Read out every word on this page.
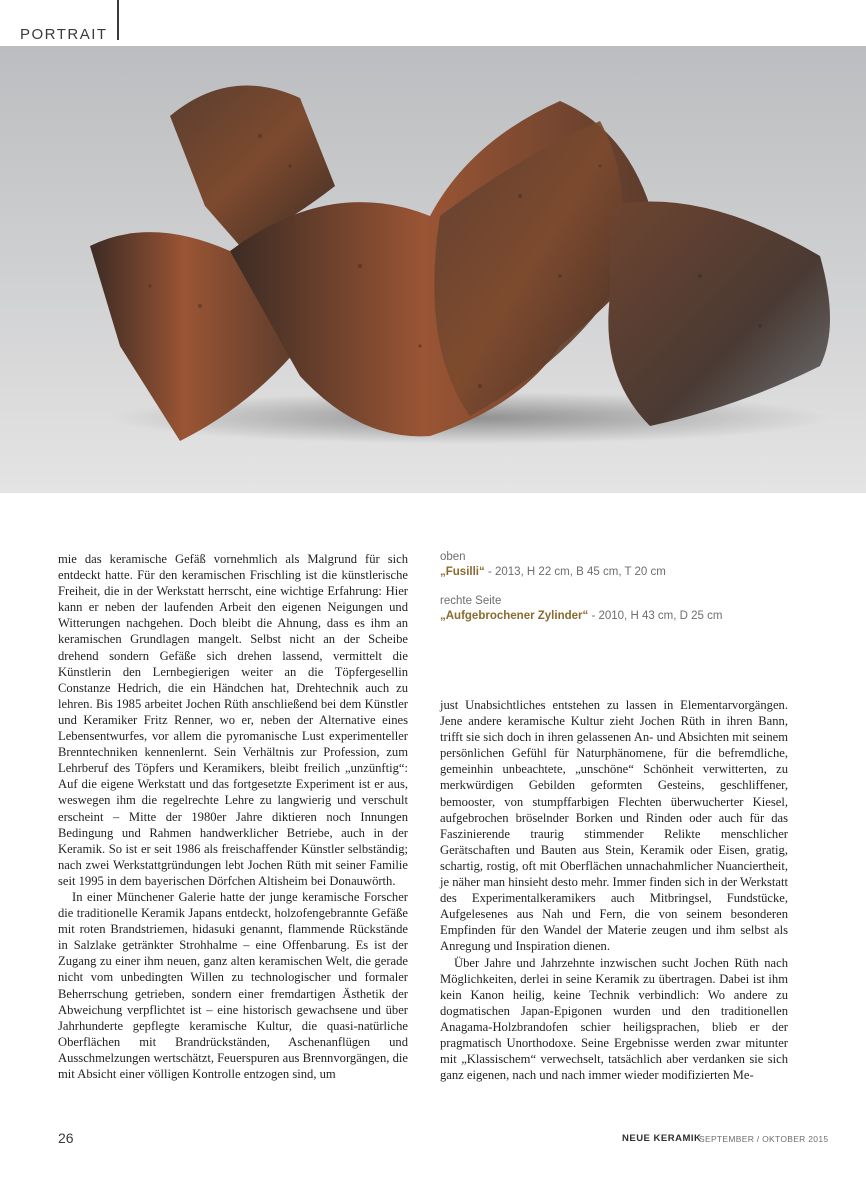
PORTRAIT
oben
„Fusilli“ - 2013, H 22 cm, B 45 cm, T 20 cm
rechte Seite
„Aufgebrochener Zylinder“ - 2010, H 43 cm, D 25 cm

mie das keramische Gefäß vornehmlich als Malgrund für sich entdeckt hatte. Für den keramischen Frischling ist die künstlerische Freiheit, die in der Werkstatt herrscht, eine wichtige Erfahrung: Hier kann er neben der laufenden Arbeit den eigenen Neigungen und Witterungen nachgehen. Doch bleibt die Ahnung, dass es ihm an keramischen Grundlagen mangelt. Selbst nicht an der Scheibe drehend sondern Gefäße sich drehen lassend, vermittelt die Künstlerin den Lernbegierigen weiter an die Töpfergesellin Constanze Hedrich, die ein Händchen hat, Drehtechnik auch zu lehren. Bis 1985 arbeitet Jochen Rüth anschließend bei dem Künstler und Keramiker Fritz Renner, wo er, neben der Alternative eines Lebensentwurfes, vor allem die pyromanische Lust experimenteller Brenntechniken kennenlernt. Sein Verhältnis zur Profession, zum Lehrberuf des Töpfers und Keramikers, bleibt freilich „unzünftig“: Auf die eigene Werkstatt und das fortgesetzte Experiment ist er aus, weswegen ihm die regelrechte Lehre zu langwierig und verschult erscheint – Mitte der 1980er Jahre diktieren noch Innungen Bedingung und Rahmen handwerklicher Betriebe, auch in der Keramik. So ist er seit 1986 als freischaffender Künstler selbständig; nach zwei Werkstattgründungen lebt Jochen Rüth mit seiner Familie seit 1995 in dem bayerischen Dörfchen Altisheim bei Donauwörth.

In einer Münchener Galerie hatte der junge keramische Forscher die traditionelle Keramik Japans entdeckt, holzofengebrannte Gefäße mit roten Brandstriemen, hidasuki genannt, flammende Rückstände in Salzlake getränkter Strohhalme – eine Offenbarung. Es ist der Zugang zu einer ihm neuen, ganz alten keramischen Welt, die gerade nicht vom unbedingten Willen zu technologischer und formaler Beherrschung getrieben, sondern einer fremdartigen Ästhetik der Abweichung verpflichtet ist – eine historisch gewachsene und über Jahrhunderte gepflegte keramische Kultur, die quasi-natürliche Oberflächen mit Brandrückständen, Aschenanflügen und Ausschmelzungen wertschätzt, Feuerspuren aus Brennvorgängen, die mit Absicht einer völligen Kontrolle entzogen sind, um

just Unabsichtliches entstehen zu lassen in Elementarvorgängen. Jene andere keramische Kultur zieht Jochen Rüth in ihren Bann, trifft sie sich doch in ihren gelassenen An- und Absichten mit seinem persönlichen Gefühl für Naturphänomene, für die befremdliche, gemeinhin unbeachtete, „unschöne“ Schönheit verwitterten, zu merkwürdigen Gebilden geformten Gesteins, geschliffener, bemooster, von stumpffarbigen Flechten überwucherter Kiesel, aufgebrochen bröselnder Borken und Rinden oder auch für das Faszinierende traurig stimmender Relikte menschlicher Gerätschaften und Bauten aus Stein, Keramik oder Eisen, gratig, schartig, rostig, oft mit Oberflächen unnachahmlicher Nuanciertheit, je näher man hinsieht desto mehr. Immer finden sich in der Werkstatt des Experimentalkeramikers auch Mitbringsel, Fundstücke, Aufgelesenes aus Nah und Fern, die von seinem besonderen Empfinden für den Wandel der Materie zeugen und ihm selbst als Anregung und Inspiration dienen.

Über Jahre und Jahrzehnte inzwischen sucht Jochen Rüth nach Möglichkeiten, derlei in seine Keramik zu übertragen. Dabei ist ihm kein Kanon heilig, keine Technik verbindlich: Wo andere zu dogmatischen Japan-Epigonen wurden und den traditionellen Anagama-Holzbrandofen schier heiligsprachen, blieb er der pragmatisch Unorthodoxe. Seine Ergebnisse werden zwar mitunter mit „Klassischem“ verwechselt, tatsächlich aber verdanken sie sich ganz eigenen, nach und nach immer wieder modifizierten Me-

26	NEUE KERAMIK
SEPTEMBER / OKTOBER 2015
